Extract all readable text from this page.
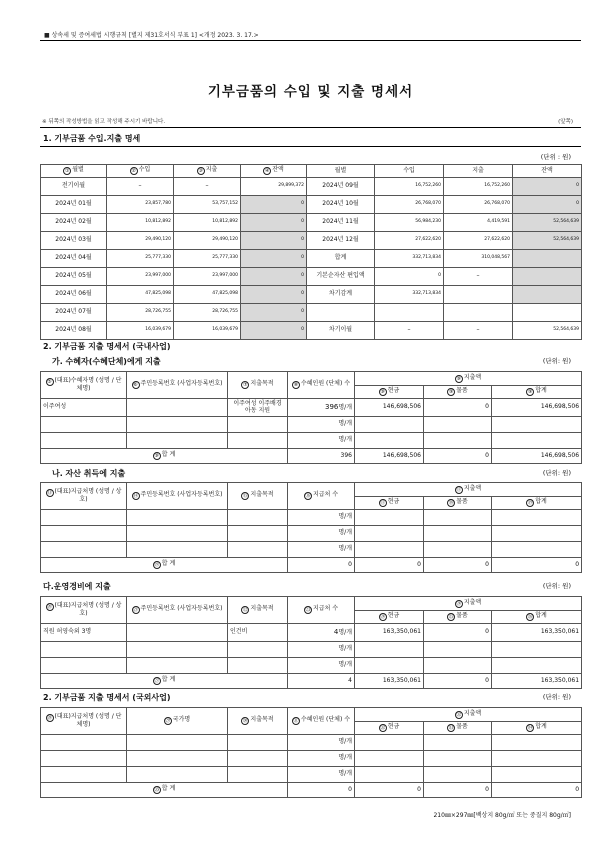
■ 상속세 및 증여세법 시행규칙 [별지 제31호서식 부표 1] <개정 2023. 3. 17.>
기부금품의 수입 및 지출 명세서
※ 뒤쪽의 작성방법을 읽고 작성해 주시기 바랍니다.	(앞쪽)
1. 기부금품 수입.지출 명세
(단위 : 원)
① 월별	② 수입	③ 지출	④ 잔액	월별	수입	지출	잔액
전기이월	–	–	29,899,372	2024년 09월	16,752,260	16,752,260	0
2024년 01월	23,857,780	53,757,152	0	2024년 10월	26,768,070	26,768,070	0
2024년 02월	10,812,892	10,812,892	0	2024년 11월	56,984,230	4,419,591	52,564,639
2024년 03월	29,490,120	29,490,120	0	2024년 12월	27,622,620	27,622,620	52,564,639
2024년 04월	25,777,330	25,777,330	0	합계	332,713,834	310,048,567	
2024년 05월	23,997,000	23,997,000	0	기본순자산 편입액	0	–	
2024년 06월	47,825,098	47,825,098	0	차기감계	332,713,834		
2024년 07월	28,726,755	28,726,755	0				
2024년 08월	16,039,679	16,039,679	0	차기이월	–	–	52,564,639
2. 기부금품 지출 명세서 (국내사업)
가. 수혜자(수혜단체)에게 지출	(단위: 원)
⑤ (대표)수혜자명 (성명 / 단체명)	⑥ 주민등록번호 (사업자등록번호)	⑦ 지출목적	⑧ 수혜인원 (단체) 수	⑨ 지출액		
				⑨ 현금	⑨ 물품	⑨ 합계
이주여성		이주여성 이주배경 아동 지원	396명/개	146,698,506	0	146,698,506
			명/개			
			명/개			
⑨ 합 계			396	146,698,506	0	146,698,506
나. 자산 취득에 지출	(단위: 원)
⑬ (대표)지급처명 (성명 / 상호)	⑭ 주민등록번호 (사업자등록번호)	⑮ 지출목적	⑯ 지급처 수	⑰ 지출액		
				⑰ 현금	⑱ 물품	⑲ 합계
			명/개			
			명/개			
			명/개			
⑲ 합 계			0	0	0	0
다.운영경비에 지출	(단위: 원)
⑳ (대표)지급처명 (성명 / 상호)	㉑ 주민등록번호 (사업자등록번호)	㉒ 지출목적	㉓ 지급처 수	㉔ 지출액		
				㉔ 현금	㉕ 물품	㉖ 합계
직원 허영숙외 3명		인건비	4명/개	163,350,061	0	163,350,061
			명/개			
			명/개			
㉗ 합 계			4	163,350,061	0	163,350,061
2. 기부금품 지출 명세서 (국외사업)	(단위: 원)
㉘ (대표)지급처명 (성명 / 단체명)	㉙ 국가명	㉚ 지출목적	㉛ 수혜인원 (단체) 수	㉜ 지출액		
				㉜ 현금	㉝ 물품	㉞ 합계
			명/개			
			명/개			
			명/개			
㉟ 합 계			0	0	0	0
210㎜×297㎜[백상지 80g/㎡ 또는 중질지 80g/㎡]
